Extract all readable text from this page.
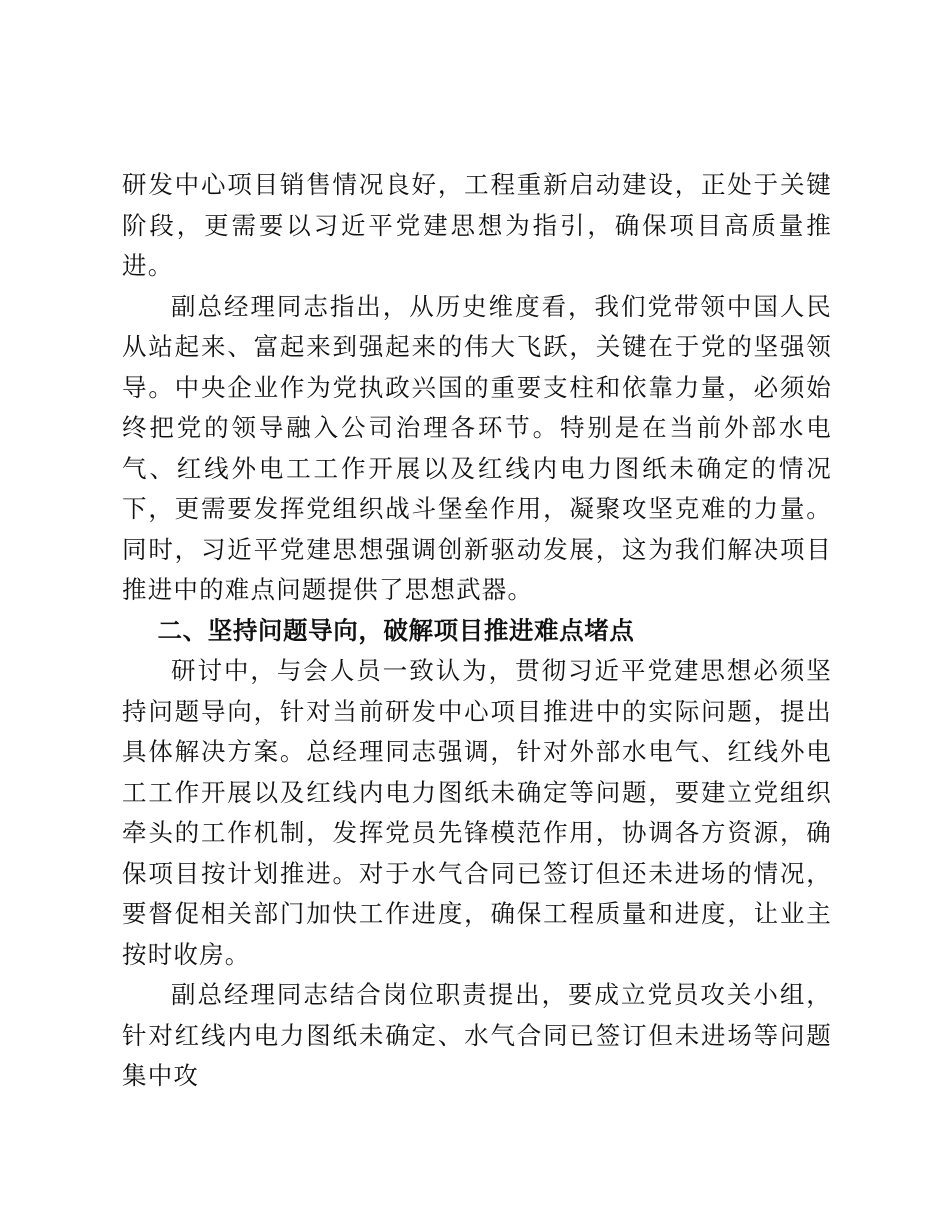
研发中心项目销售情况良好，工程重新启动建设，正处于关键阶段，更需要以习近平党建思想为指引，确保项目高质量推进。

副总经理同志指出，从历史维度看，我们党带领中国人民从站起来、富起来到强起来的伟大飞跃，关键在于党的坚强领导。中央企业作为党执政兴国的重要支柱和依靠力量，必须始终把党的领导融入公司治理各环节。特别是在当前外部水电气、红线外电工工作开展以及红线内电力图纸未确定的情况下，更需要发挥党组织战斗堡垒作用，凝聚攻坚克难的力量。同时，习近平党建思想强调创新驱动发展，这为我们解决项目推进中的难点问题提供了思想武器。

二、坚持问题导向，破解项目推进难点堵点

研讨中，与会人员一致认为，贯彻习近平党建思想必须坚持问题导向，针对当前研发中心项目推进中的实际问题，提出具体解决方案。总经理同志强调，针对外部水电气、红线外电工工作开展以及红线内电力图纸未确定等问题，要建立党组织牵头的工作机制，发挥党员先锋模范作用，协调各方资源，确保项目按计划推进。对于水气合同已签订但还未进场的情况，要督促相关部门加快工作进度，确保工程质量和进度，让业主按时收房。

副总经理同志结合岗位职责提出，要成立党员攻关小组，针对红线内电力图纸未确定、水气合同已签订但未进场等问题集中攻
